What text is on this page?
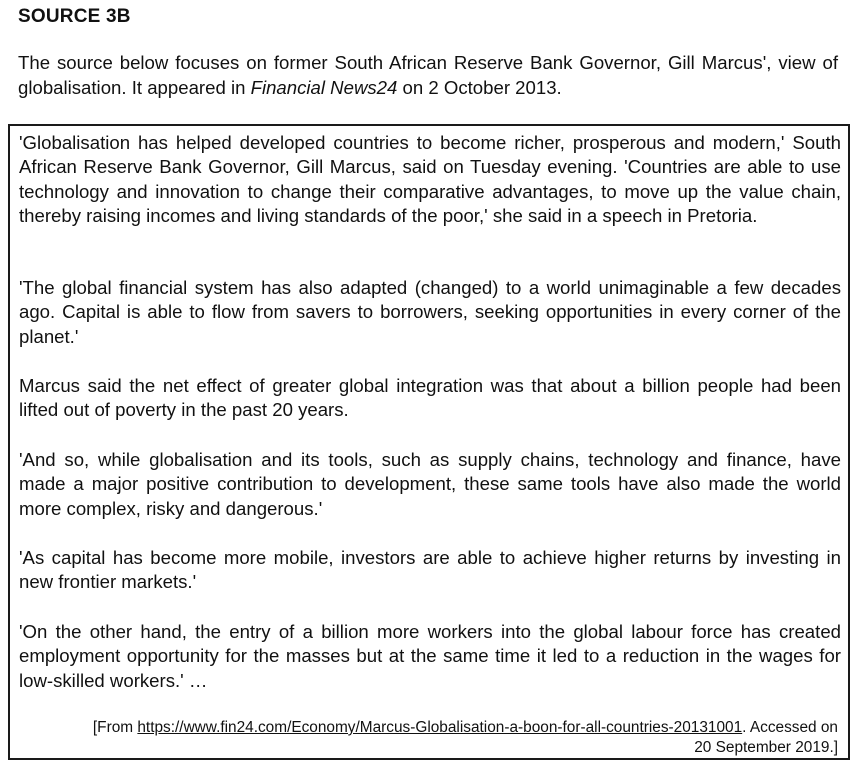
SOURCE 3B
The source below focuses on former South African Reserve Bank Governor, Gill Marcus', view of globalisation. It appeared in Financial News24 on 2 October 2013.

'Globalisation has helped developed countries to become richer, prosperous and modern,' South African Reserve Bank Governor, Gill Marcus, said on Tuesday evening. 'Countries are able to use technology and innovation to change their comparative advantages, to move up the value chain, thereby raising incomes and living standards of the poor,' she said in a speech in Pretoria.

'The global financial system has also adapted (changed) to a world unimaginable a few decades ago. Capital is able to flow from savers to borrowers, seeking opportunities in every corner of the planet.'

Marcus said the net effect of greater global integration was that about a billion people had been lifted out of poverty in the past 20 years.

'And so, while globalisation and its tools, such as supply chains, technology and finance, have made a major positive contribution to development, these same tools have also made the world more complex, risky and dangerous.'

'As capital has become more mobile, investors are able to achieve higher returns by investing in new frontier markets.'

'On the other hand, the entry of a billion more workers into the global labour force has created employment opportunity for the masses but at the same time it led to a reduction in the wages for low-skilled workers.' …

[From https://www.fin24.com/Economy/Marcus-Globalisation-a-boon-for-all-countries-20131001. Accessed on 20 September 2019.]
